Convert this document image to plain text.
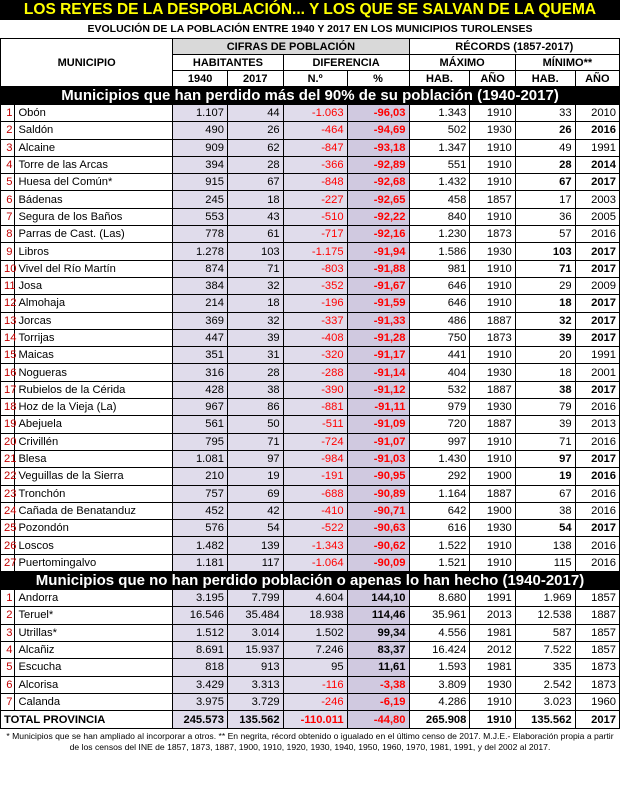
LOS REYES DE LA DESPOBLACIÓN... Y LOS QUE SE SALVAN DE LA QUEMA
EVOLUCIÓN DE LA POBLACIÓN ENTRE 1940 Y 2017 EN LOS MUNICIPIOS TUROLENSES
MUNICIPIO		CIFRAS DE POBLACIÓN				RÉCORDS (1857-2017)			
		HABITANTES		DIFERENCIA		MÁXIMO		MÍNIMO**	
		1940	2017	N.º	%	HAB.	AÑO	HAB.	AÑO
Municipios que han perdido más del 90% de su población (1940-2017)									
1	Obón	1.107	44	-1.063	-96,03	1.343	1910	33	2010
2	Saldón	490	26	-464	-94,69	502	1930	26	2016
3	Alcaine	909	62	-847	-93,18	1.347	1910	49	1991
4	Torre de las Arcas	394	28	-366	-92,89	551	1910	28	2014
5	Huesa del Común*	915	67	-848	-92,68	1.432	1910	67	2017
6	Bádenas	245	18	-227	-92,65	458	1857	17	2003
7	Segura de los Baños	553	43	-510	-92,22	840	1910	36	2005
8	Parras de Cast. (Las)	778	61	-717	-92,16	1.230	1873	57	2016
9	Libros	1.278	103	-1.175	-91,94	1.586	1930	103	2017
10	Vivel del Río Martín	874	71	-803	-91,88	981	1910	71	2017
11	Josa	384	32	-352	-91,67	646	1910	29	2009
12	Almohaja	214	18	-196	-91,59	646	1910	18	2017
13	Jorcas	369	32	-337	-91,33	486	1887	32	2017
14	Torrijas	447	39	-408	-91,28	750	1873	39	2017
15	Maicas	351	31	-320	-91,17	441	1910	20	1991
16	Nogueras	316	28	-288	-91,14	404	1930	18	2001
17	Rubielos de la Cérida	428	38	-390	-91,12	532	1887	38	2017
18	Hoz de la Vieja (La)	967	86	-881	-91,11	979	1930	79	2016
19	Abejuela	561	50	-511	-91,09	720	1887	39	2013
20	Crivillén	795	71	-724	-91,07	997	1910	71	2016
21	Blesa	1.081	97	-984	-91,03	1.430	1910	97	2017
22	Veguillas de la Sierra	210	19	-191	-90,95	292	1900	19	2016
23	Tronchón	757	69	-688	-90,89	1.164	1887	67	2016
24	Cañada de Benatanduz	452	42	-410	-90,71	642	1900	38	2016
25	Pozondón	576	54	-522	-90,63	616	1930	54	2017
26	Loscos	1.482	139	-1.343	-90,62	1.522	1910	138	2016
27	Puertomingalvo	1.181	117	-1.064	-90,09	1.521	1910	115	2016
Municipios que no han perdido población o apenas lo han hecho (1940-2017)									
1	Andorra	3.195	7.799	4.604	144,10	8.680	1991	1.969	1857
2	Teruel*	16.546	35.484	18.938	114,46	35.961	2013	12.538	1887
3	Utrillas*	1.512	3.014	1.502	99,34	4.556	1981	587	1857
4	Alcañiz	8.691	15.937	7.246	83,37	16.424	2012	7.522	1857
5	Escucha	818	913	95	11,61	1.593	1981	335	1873
6	Alcorisa	3.429	3.313	-116	-3,38	3.809	1930	2.542	1873
7	Calanda	3.975	3.729	-246	-6,19	4.286	1910	3.023	1960
TOTAL PROVINCIA		245.573	135.562	-110.011	-44,80	265.908	1910	135.562	2017
* Municipios que se han ampliado al incorporar a otros. ** En negrita, récord obtenido o igualado en el último censo de 2017. M.J.E.- Elaboración propia a partir de los censos del INE de 1857, 1873, 1887, 1900, 1910, 1920, 1930, 1940, 1950, 1960, 1970, 1981, 1991, y del 2002 al 2017.
